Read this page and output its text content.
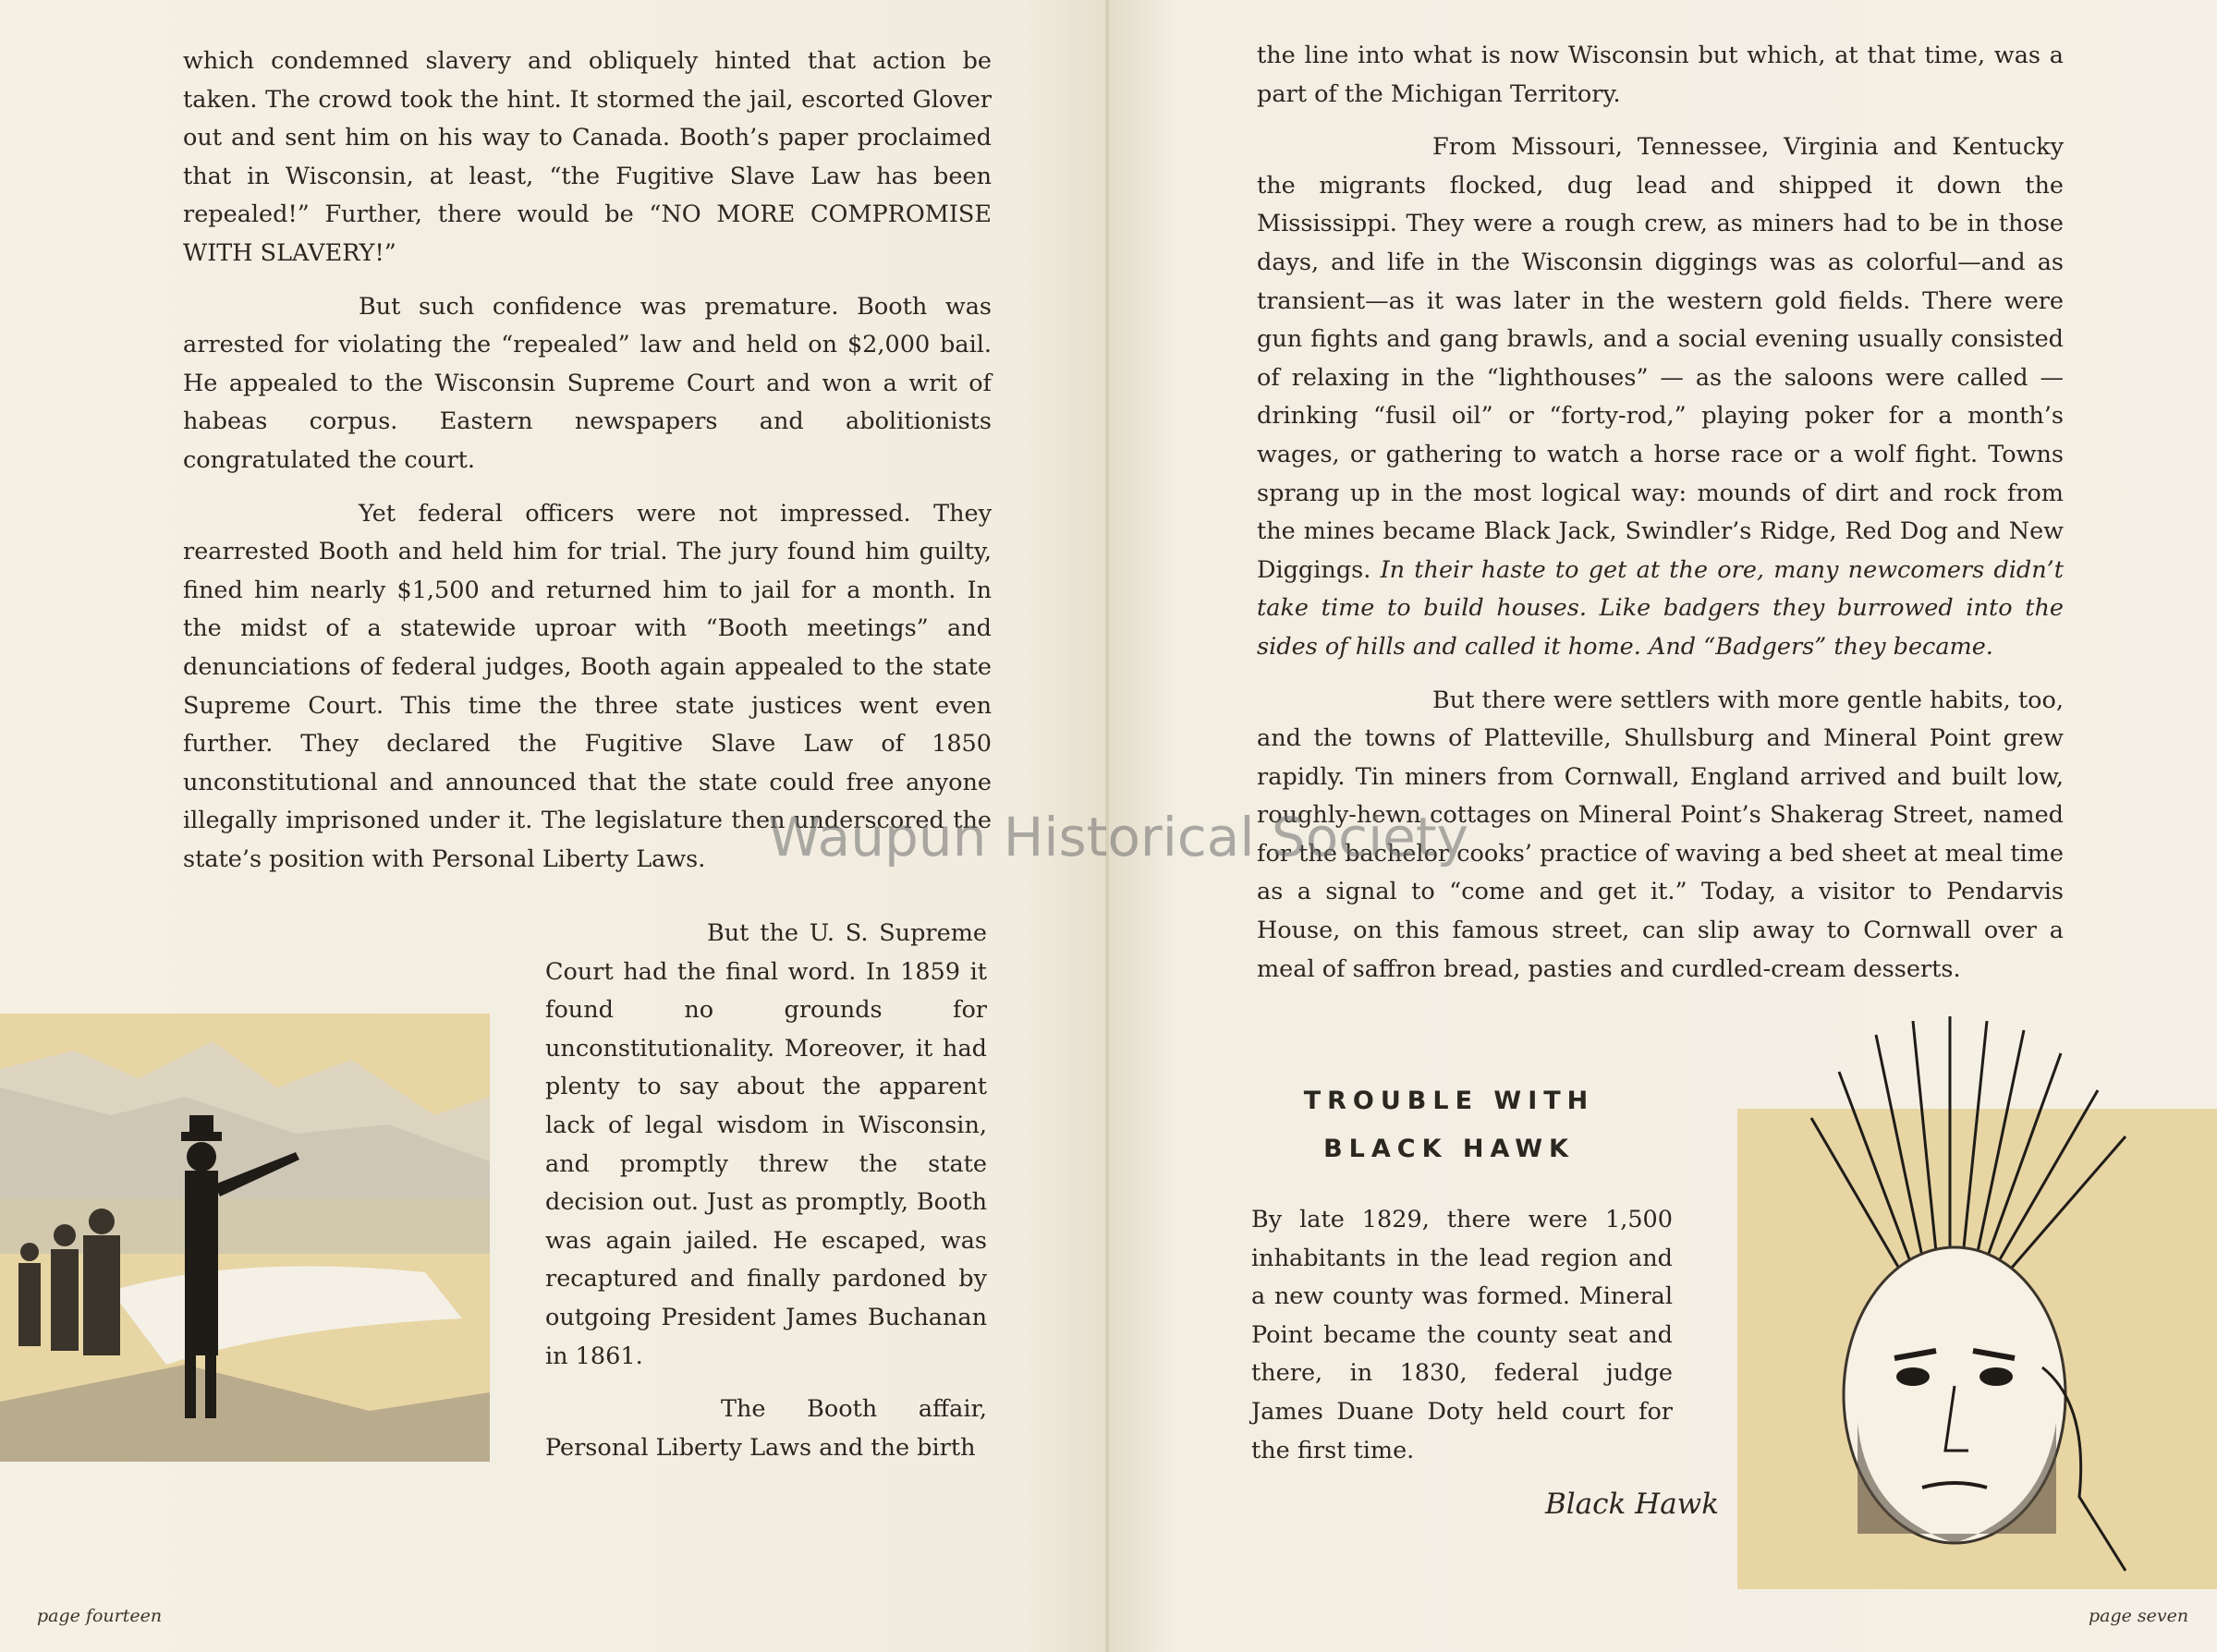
which condemned slavery and obliquely hinted that action be taken. The crowd took the hint. It stormed the jail, escorted Glover out and sent him on his way to Canada. Booth’s paper proclaimed that in Wisconsin, at least, “the Fugitive Slave Law has been repealed!” Further, there would be “NO MORE COMPROMISE WITH SLAVERY!”

But such confidence was premature. Booth was arrested for violating the “repealed” law and held on $2,000 bail. He appealed to the Wisconsin Supreme Court and won a writ of habeas corpus. Eastern newspapers and abolitionists congratulated the court.

Yet federal officers were not impressed. They rearrested Booth and held him for trial. The jury found him guilty, fined him nearly $1,500 and returned him to jail for a month. In the midst of a statewide uproar with “Booth meetings” and denunciations of federal judges, Booth again appealed to the state Supreme Court. This time the three state justices went even further. They declared the Fugitive Slave Law of 1850 unconstitutional and announced that the state could free anyone illegally imprisoned under it. The legislature then underscored the state’s position with Personal Liberty Laws.

But the U. S. Supreme Court had the final word. In 1859 it found no grounds for unconstitutionality. Moreover, it had plenty to say about the apparent lack of legal wisdom in Wisconsin, and promptly threw the state decision out. Just as promptly, Booth was again jailed. He escaped, was recaptured and finally pardoned by outgoing President James Buchanan in 1861.

The Booth affair, Personal Liberty Laws and the birth

page fourteen

the line into what is now Wisconsin but which, at that time, was a part of the Michigan Territory.

From Missouri, Tennessee, Virginia and Kentucky the migrants flocked, dug lead and shipped it down the Mississippi. They were a rough crew, as miners had to be in those days, and life in the Wisconsin diggings was as colorful—and as transient—as it was later in the western gold fields. There were gun fights and gang brawls, and a social evening usually consisted of relaxing in the “lighthouses” — as the saloons were called — drinking “fusil oil” or “forty-rod,” playing poker for a month’s wages, or gathering to watch a horse race or a wolf fight. Towns sprang up in the most logical way: mounds of dirt and rock from the mines became Black Jack, Swindler’s Ridge, Red Dog and New Diggings. In their haste to get at the ore, many newcomers didn’t take time to build houses. Like badgers they burrowed into the sides of hills and called it home. And “Badgers” they became.

But there were settlers with more gentle habits, too, and the towns of Platteville, Shullsburg and Mineral Point grew rapidly. Tin miners from Cornwall, England arrived and built low, roughly-hewn cottages on Mineral Point’s Shakerag Street, named for the bachelor cooks’ practice of waving a bed sheet at meal time as a signal to “come and get it.” Today, a visitor to Pendarvis House, on this famous street, can slip away to Cornwall over a meal of saffron bread, pasties and curdled-cream desserts.

TROUBLE WITH
BLACK HAWK

By late 1829, there were 1,500 inhabitants in the lead region and a new county was formed. Mineral Point became the county seat and there, in 1830, federal judge James Duane Doty held court for the first time.

Black Hawk
page seven
Waupun Historical Society
